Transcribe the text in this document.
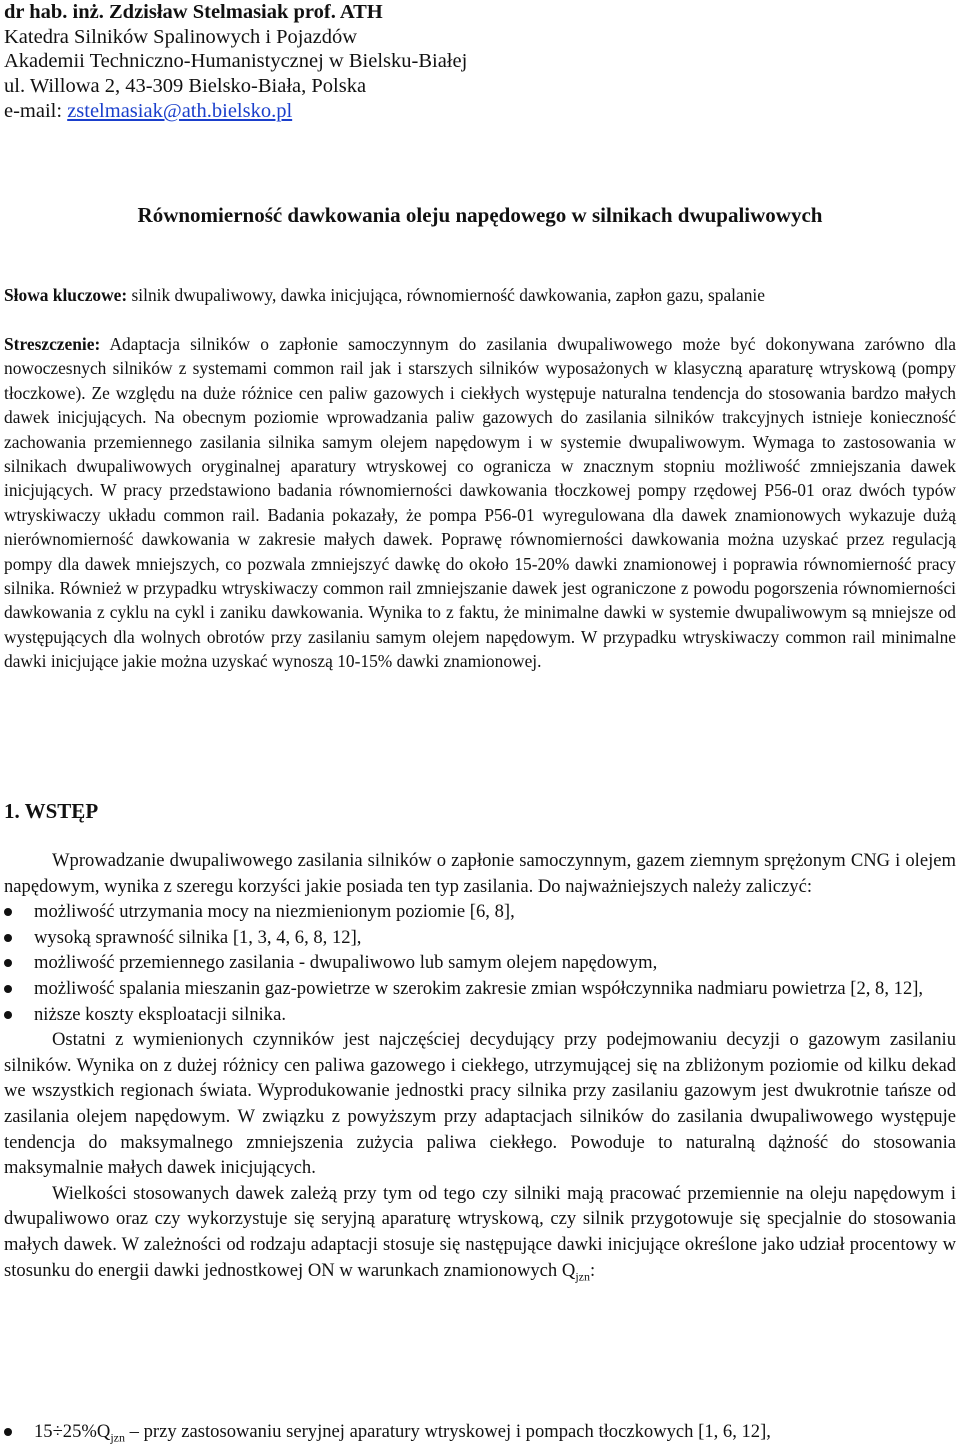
dr hab. inż. Zdzisław Stelmasiak prof. ATH
Katedra Silników Spalinowych i Pojazdów
Akademii Techniczno-Humanistycznej w Bielsku-Białej
ul. Willowa 2, 43-309 Bielsko-Biała, Polska
e-mail: zstelmasiak@ath.bielsko.pl
Równomierność dawkowania oleju napędowego w silnikach dwupaliwowych
Słowa kluczowe: silnik dwupaliwowy, dawka inicjująca, równomierność dawkowania, zapłon gazu, spalanie
Streszczenie: Adaptacja silników o zapłonie samoczynnym do zasilania dwupaliwowego może być dokonywana zarówno dla nowoczesnych silników z systemami common rail jak i starszych silników wyposażonych w klasyczną aparaturę wtryskową (pompy tłoczkowe). Ze względu na duże różnice cen paliw gazowych i ciekłych występuje naturalna tendencja do stosowania bardzo małych dawek inicjujących. Na obecnym poziomie wprowadzania paliw gazowych do zasilania silników trakcyjnych istnieje konieczność zachowania przemiennego zasilania silnika samym olejem napędowym i w systemie dwupaliwowym. Wymaga to zastosowania w silnikach dwupaliwowych oryginalnej aparatury wtryskowej co ogranicza w znacznym stopniu możliwość zmniejszania dawek inicjujących. W pracy przedstawiono badania równomierności dawkowania tłoczkowej pompy rzędowej P56-01 oraz dwóch typów wtryskiwaczy układu common rail. Badania pokazały, że pompa P56-01 wyregulowana dla dawek znamionowych wykazuje dużą nierównomierność dawkowania w zakresie małych dawek. Poprawę równomierności dawkowania można uzyskać przez regulacją pompy dla dawek mniejszych, co pozwala zmniejszyć dawkę do około 15-20% dawki znamionowej i poprawia równomierność pracy silnika. Również w przypadku wtryskiwaczy common rail zmniejszanie dawek jest ograniczone z powodu pogorszenia równomierności dawkowania z cyklu na cykl i zaniku dawkowania. Wynika to z faktu, że minimalne dawki w systemie dwupaliwowym są mniejsze od występujących dla wolnych obrotów przy zasilaniu samym olejem napędowym. W przypadku wtryskiwaczy common rail minimalne dawki inicjujące jakie można uzyskać wynoszą 10-15% dawki znamionowej.
1. WSTĘP

Wprowadzanie dwupaliwowego zasilania silników o zapłonie samoczynnym, gazem ziemnym sprężonym CNG i olejem napędowym, wynika z szeregu korzyści jakie posiada ten typ zasilania. Do najważniejszych należy zaliczyć:

możliwość utrzymania mocy na niezmienionym poziomie [6, 8],
wysoką sprawność silnika [1, 3, 4, 6, 8, 12],
możliwość przemiennego zasilania - dwupaliwowo lub samym olejem napędowym,
możliwość spalania mieszanin gaz-powietrze w szerokim zakresie zmian współczynnika nadmiaru powietrza [2, 8, 12],
niższe koszty eksploatacji silnika.

Ostatni z wymienionych czynników jest najczęściej decydujący przy podejmowaniu decyzji o gazowym zasilaniu silników. Wynika on z dużej różnicy cen paliwa gazowego i ciekłego, utrzymującej się na zbliżonym poziomie od kilku dekad we wszystkich regionach świata. Wyprodukowanie jednostki pracy silnika przy zasilaniu gazowym jest dwukrotnie tańsze od zasilania olejem napędowym. W związku z powyższym przy adaptacjach silników do zasilania dwupaliwowego występuje tendencja do maksymalnego zmniejszenia zużycia paliwa ciekłego. Powoduje to naturalną dążność do stosowania maksymalnie małych dawek inicjujących.

Wielkości stosowanych dawek zależą przy tym od tego czy silniki mają pracować przemiennie na oleju napędowym i dwupaliwowo oraz czy wykorzystuje się seryjną aparaturę wtryskową, czy silnik przygotowuje się specjalnie do stosowania małych dawek. W zależności od rodzaju adaptacji stosuje się następujące dawki inicjujące określone jako udział procentowy w stosunku do energii dawki jednostkowej ON w warunkach znamionowych $Q_{jzn}$:

$15\div 25\%Q_{jzn}$ – przy zastosowaniu seryjnej aparatury wtryskowej i pompach tłoczkowych [1, 6, 12],
